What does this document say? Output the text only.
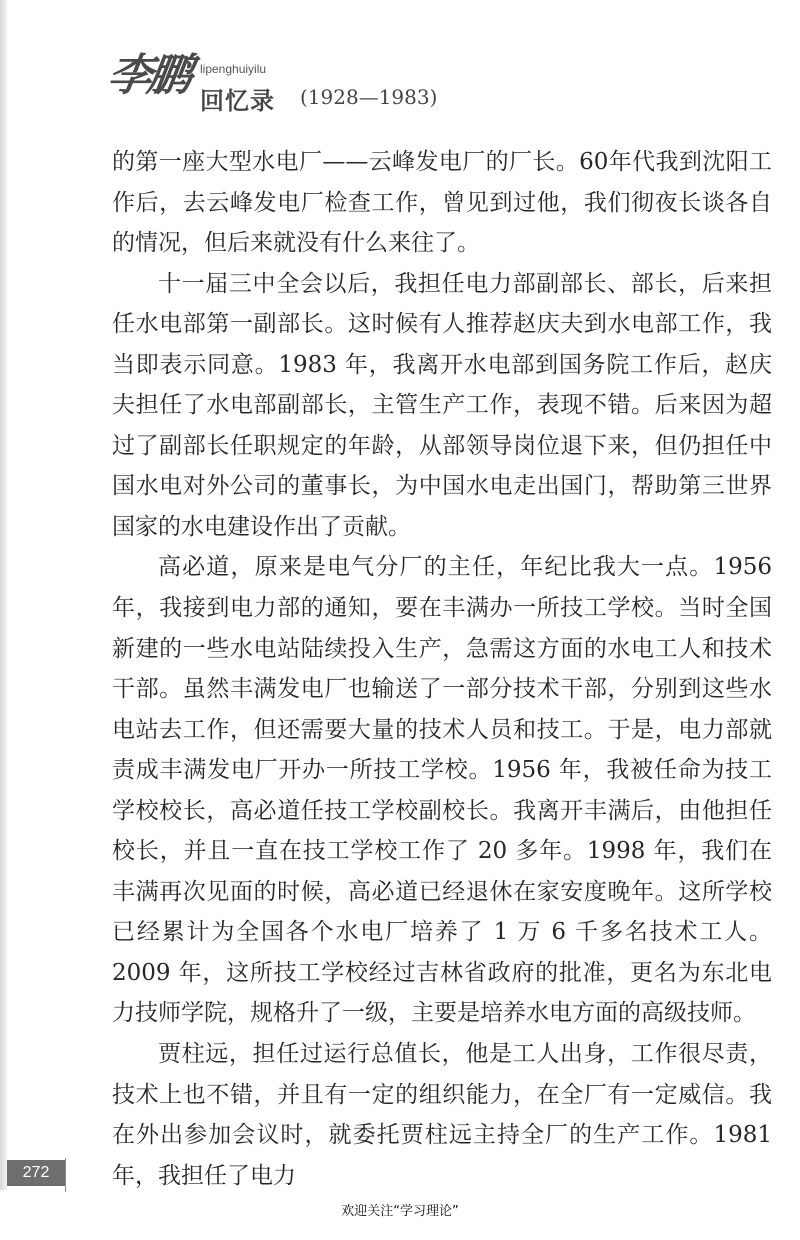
李鹏 lipenghuiyilu
回忆录 (1928—1983)

的第一座大型水电厂——云峰发电厂的厂长。60年代我到沈阳工作后，去云峰发电厂检查工作，曾见到过他，我们彻夜长谈各自的情况，但后来就没有什么来往了。

十一届三中全会以后，我担任电力部副部长、部长，后来担任水电部第一副部长。这时候有人推荐赵庆夫到水电部工作，我当即表示同意。1983 年，我离开水电部到国务院工作后，赵庆夫担任了水电部副部长，主管生产工作，表现不错。后来因为超过了副部长任职规定的年龄，从部领导岗位退下来，但仍担任中国水电对外公司的董事长，为中国水电走出国门，帮助第三世界国家的水电建设作出了贡献。

高必道，原来是电气分厂的主任，年纪比我大一点。1956 年，我接到电力部的通知，要在丰满办一所技工学校。当时全国新建的一些水电站陆续投入生产，急需这方面的水电工人和技术干部。虽然丰满发电厂也输送了一部分技术干部，分别到这些水电站去工作，但还需要大量的技术人员和技工。于是，电力部就责成丰满发电厂开办一所技工学校。1956 年，我被任命为技工学校校长，高必道任技工学校副校长。我离开丰满后，由他担任校长，并且一直在技工学校工作了 20 多年。1998 年，我们在丰满再次见面的时候，高必道已经退休在家安度晚年。这所学校已经累计为全国各个水电厂培养了 1 万 6 千多名技术工人。2009 年，这所技工学校经过吉林省政府的批准，更名为东北电力技师学院，规格升了一级，主要是培养水电方面的高级技师。

贾柱远，担任过运行总值长，他是工人出身，工作很尽责，技术上也不错，并且有一定的组织能力，在全厂有一定威信。我在外出参加会议时，就委托贾柱远主持全厂的生产工作。1981 年，我担任了电力

272
欢迎关注“学习理论”
